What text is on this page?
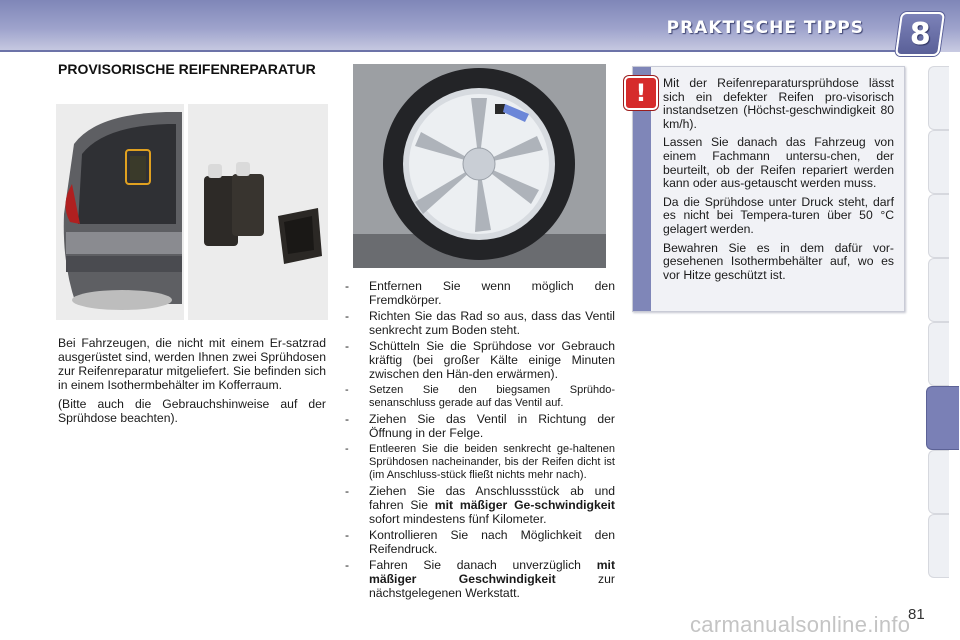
PRAKTISCHE TIPPS 8
PROVISORISCHE REIFENREPARATUR

Bei Fahrzeugen, die nicht mit einem Er-satzrad ausgerüstet sind, werden Ihnen zwei Sprühdosen zur Reifenreparatur mitgeliefert. Sie befinden sich in einem Isothermbehälter im Kofferraum.

(Bitte auch die Gebrauchshinweise auf der Sprühdose beachten).

- Entfernen Sie wenn möglich den Fremdkörper.
- Richten Sie das Rad so aus, dass das Ventil senkrecht zum Boden steht.
- Schütteln Sie die Sprühdose vor Gebrauch kräftig (bei großer Kälte einige Minuten zwischen den Hän-den erwärmen).
- Setzen Sie den biegsamen Sprühdo-senanschluss gerade auf das Ventil auf.
- Ziehen Sie das Ventil in Richtung der Öffnung in der Felge.
- Entleeren Sie die beiden senkrecht ge-haltenen Sprühdosen nacheinander, bis der Reifen dicht ist (im Anschluss-stück fließt nichts mehr nach).
- Ziehen Sie das Anschlussstück ab und fahren Sie mit mäßiger Ge-schwindigkeit sofort mindestens fünf Kilometer.
- Kontrollieren Sie nach Möglichkeit den Reifendruck.
- Fahren Sie danach unverzüglich mit mäßiger Geschwindigkeit zur nächstgelegenen Werkstatt.
!	Mit der Reifenreparatursprühdose lässt sich ein defekter Reifen pro-visorisch instandsetzen (Höchst-geschwindigkeit 80 km/h).

Lassen Sie danach das Fahrzeug von einem Fachmann untersu-chen, der beurteilt, ob der Reifen repariert werden kann oder aus-getauscht werden muss.

Da die Sprühdose unter Druck steht, darf es nicht bei Tempera-turen über 50 °C gelagert werden.

Bewahren Sie es in dem dafür vor-gesehenen Isothermbehälter auf, wo es vor Hitze geschützt ist.

81
carmanualsonline.info
